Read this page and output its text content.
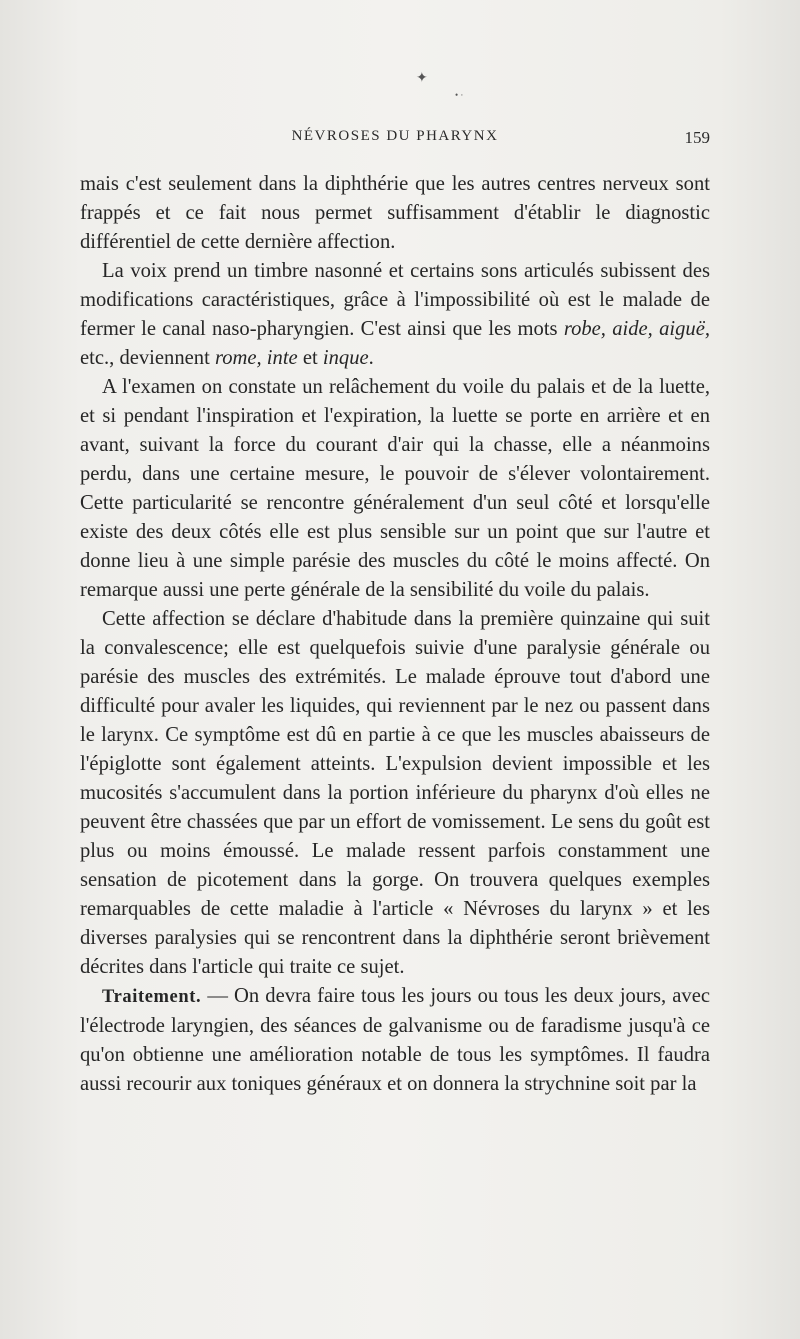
✦
• ·
NÉVROSES DU PHARYNX	159

mais c'est seulement dans la diphthérie que les autres centres nerveux sont frappés et ce fait nous permet suffisamment d'établir le diagnostic différentiel de cette dernière affection.

La voix prend un timbre nasonné et certains sons articulés subissent des modifications caractéristiques, grâce à l'impossibilité où est le malade de fermer le canal naso-pharyngien. C'est ainsi que les mots robe, aide, aiguë, etc., deviennent rome, inte et inque.

A l'examen on constate un relâchement du voile du palais et de la luette, et si pendant l'inspiration et l'expiration, la luette se porte en arrière et en avant, suivant la force du courant d'air qui la chasse, elle a néanmoins perdu, dans une certaine mesure, le pouvoir de s'élever volontairement. Cette particularité se rencontre généralement d'un seul côté et lorsqu'elle existe des deux côtés elle est plus sensible sur un point que sur l'autre et donne lieu à une simple parésie des muscles du côté le moins affecté. On remarque aussi une perte générale de la sensibilité du voile du palais.

Cette affection se déclare d'habitude dans la première quinzaine qui suit la convalescence; elle est quelquefois suivie d'une paralysie générale ou parésie des muscles des extrémités. Le malade éprouve tout d'abord une difficulté pour avaler les liquides, qui reviennent par le nez ou passent dans le larynx. Ce symptôme est dû en partie à ce que les muscles abaisseurs de l'épiglotte sont également atteints. L'expulsion devient impossible et les mucosités s'accumulent dans la portion inférieure du pharynx d'où elles ne peuvent être chassées que par un effort de vomissement. Le sens du goût est plus ou moins émoussé. Le malade ressent parfois constamment une sensation de picotement dans la gorge. On trouvera quelques exemples remarquables de cette maladie à l'article « Névroses du larynx » et les diverses paralysies qui se rencontrent dans la diphthérie seront brièvement décrites dans l'article qui traite ce sujet.

Traitement. — On devra faire tous les jours ou tous les deux jours, avec l'électrode laryngien, des séances de galvanisme ou de faradisme jusqu'à ce qu'on obtienne une amélioration notable de tous les symptômes. Il faudra aussi recourir aux toniques généraux et on donnera la strychnine soit par la
